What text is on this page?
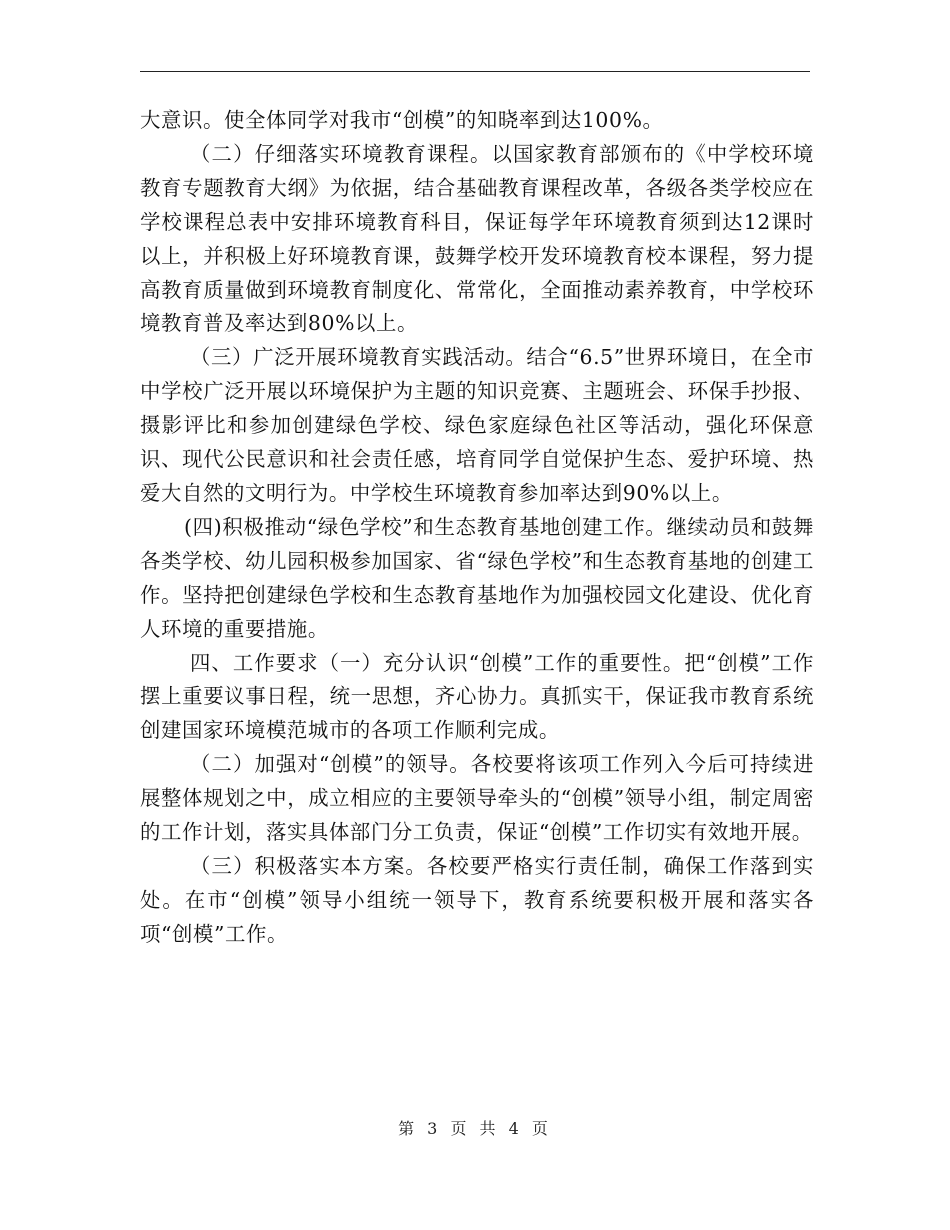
大意识。使全体同学对我市“创模”的知晓率到达100%。

（二）仔细落实环境教育课程。以国家教育部颁布的《中学校环境教育专题教育大纲》为依据，结合基础教育课程改革，各级各类学校应在学校课程总表中安排环境教育科目，保证每学年环境教育须到达12课时以上，并积极上好环境教育课，鼓舞学校开发环境教育校本课程，努力提高教育质量做到环境教育制度化、常常化，全面推动素养教育，中学校环境教育普及率达到80%以上。

（三）广泛开展环境教育实践活动。结合“6.5”世界环境日，在全市中学校广泛开展以环境保护为主题的知识竞赛、主题班会、环保手抄报、摄影评比和参加创建绿色学校、绿色家庭绿色社区等活动，强化环保意识、现代公民意识和社会责任感，培育同学自觉保护生态、爱护环境、热爱大自然的文明行为。中学校生环境教育参加率达到90%以上。

(四)积极推动“绿色学校”和生态教育基地创建工作。继续动员和鼓舞各类学校、幼儿园积极参加国家、省“绿色学校”和生态教育基地的创建工作。坚持把创建绿色学校和生态教育基地作为加强校园文化建设、优化育人环境的重要措施。

四、工作要求（一）充分认识“创模”工作的重要性。把“创模”工作摆上重要议事日程，统一思想，齐心协力。真抓实干，保证我市教育系统创建国家环境模范城市的各项工作顺利完成。

（二）加强对“创模”的领导。各校要将该项工作列入今后可持续进展整体规划之中，成立相应的主要领导牵头的“创模”领导小组，制定周密的工作计划，落实具体部门分工负责，保证“创模”工作切实有效地开展。

（三）积极落实本方案。各校要严格实行责任制，确保工作落到实处。在市“创模”领导小组统一领导下，教育系统要积极开展和落实各项“创模”工作。

第 3 页 共 4 页
